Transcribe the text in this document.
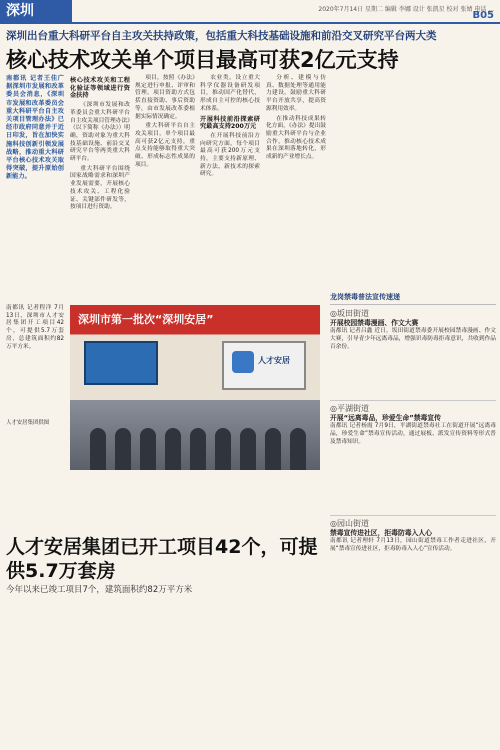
深圳	2020年7月14日 星期二 编辑 李娜 设计 张凯星 校对 张婧 电话 ...
B05
深圳出台重大科研平台自主攻关扶持政策，包括重大科技基础设施和前沿交叉研究平台两大类
核心技术攻关单个项目最高可获2亿元支持
南都讯 记者王佳广 据深圳市发展和改革委员会消息，《深圳市发展和改革委员会重大科研平台自主攻关项目管理办法》已经市政府同意并于近日印发，旨在加快实施科技创新引领发展战略，推动重大科研平台核心技术攻关取得突破，提升原始创新能力。
核心技术攻关和工程化验证等领域进行资金扶持

《深圳市发展和改革委员会重大科研平台自主攻关项目管理办法》（以下简称《办法》）明确，资助对象为重大科技基础设施、前沿交叉研究平台等两类重大科研平台。

重大科研平台围绕国家战略需求和深圳产业发展需要，开展核心技术攻关、工程化验证、关键部件研发等，按项目进行资助。

项目，按照《办法》规定进行申报、评审和管理。项目资助方式包括直接资助、事后资助等，由市发展改革委根据实际情况确定。

重大科研平台自主攻关项目，单个项目最高可获2亿元支持，重点支持能够取得重大突破、形成标志性成果的项目。

农业类，设立重大科学仪器设备研发项目，推动国产化替代，形成自主可控的核心技术体系。

开展科技前沿探索研究最高支持200万元

在开展科技前沿方向研究方面，每个项目最高可获200万元支持，主要支持新原理、新方法、新技术的探索研究。

分析、建模与仿真、数据处理等通用能力建设，鼓励重大科研平台开放共享，提高资源利用效率。

在推动科技成果转化方面，《办法》提出鼓励重大科研平台与企业合作，推动核心技术成果在深圳落地转化，形成新的产业增长点。

龙岗禁毒普法宣传速递
◎坂田街道
开展校园禁毒漫画、作文大赛
南都讯 记者吕鑫 近日，坂田街道禁毒委开展校园禁毒漫画、作文大赛，引导青少年远离毒品，增强识毒防毒拒毒意识，共收到作品百余份。
◎平湖街道
开展“远离毒品，珍爱生命”禁毒宣传
南都讯 记者杨霞 7月9日，平湖街道禁毒社工在街道开展“远离毒品，珍爱生命”禁毒宣传活动，通过展板、派发宣传资料等形式普及禁毒知识。
◎园山街道
禁毒宣传进社区，拒毒防毒入人心
南都讯 记者理轩 7月13日，园山街道禁毒工作者走进社区，开展“禁毒宣传进社区，拒毒防毒入人心”宣传活动。
南都讯 记者程洋 7月13日，深圳市人才安居集团开工项目42个，可提供5.7万套房，总建筑面积约82万平方米。
人才安居集团供图
深圳市第一批次“深圳安居”
人才安居
人才安居集团已开工项目42个，可提供5.7万套房
今年以来已竣工项目7个，建筑面积约82万平方米
